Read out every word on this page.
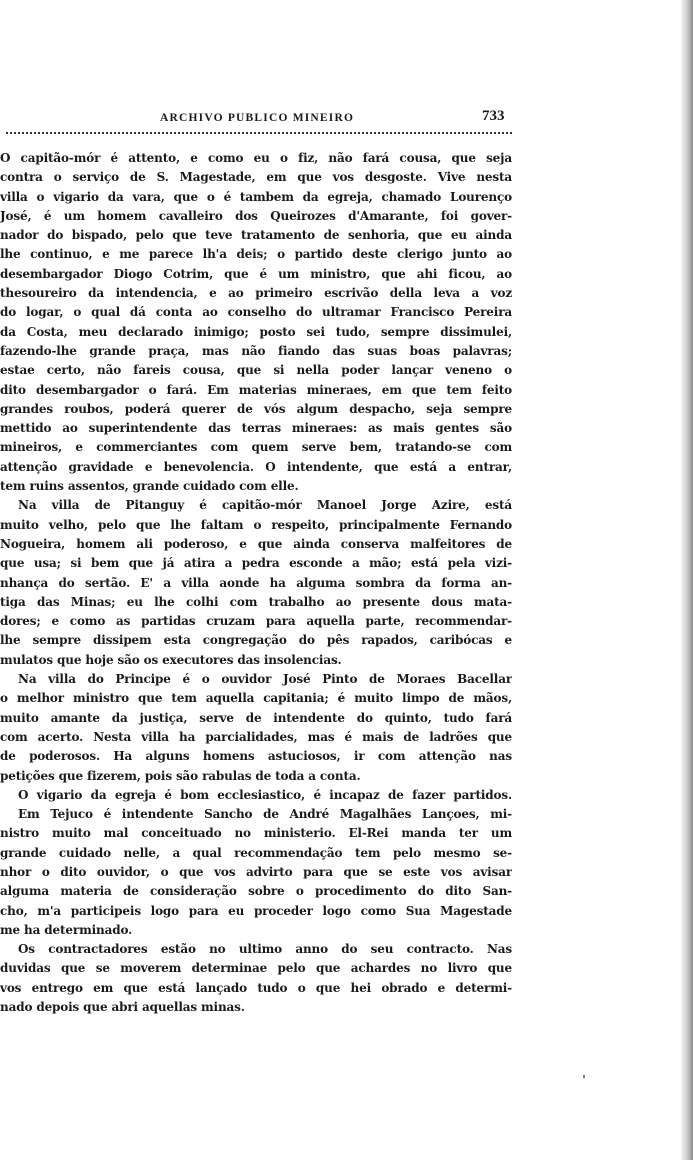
ARCHIVO PUBLICO MINEIRO	733
O capitão-mór é attento, e como eu o fiz, não fará cousa, que seja
contra o serviço de S. Magestade, em que vos desgoste. Vive nesta
villa o vigario da vara, que o é tambem da egreja, chamado Lourenço
José, é um homem cavalleiro dos Queirozes d'Amarante, foi gover-
nador do bispado, pelo que teve tratamento de senhoria, que eu ainda
lhe continuo, e me parece lh'a deis; o partido deste clerigo junto ao
desembargador Diogo Cotrim, que é um ministro, que ahi ficou, ao
thesoureiro da intendencia, e ao primeiro escrivão della leva a voz
do logar, o qual dá conta ao conselho do ultramar Francisco Pereira
da Costa, meu declarado inimigo; posto sei tudo, sempre dissimulei,
fazendo-lhe grande praça, mas não fiando das suas boas palavras;
estae certo, não fareis cousa, que si nella poder lançar veneno o
dito desembargador o fará. Em materias mineraes, em que tem feito
grandes roubos, poderá querer de vós algum despacho, seja sempre
mettido ao superintendente das terras mineraes: as mais gentes são
mineiros, e commerciantes com quem serve bem, tratando-se com
attenção gravidade e benevolencia. O intendente, que está a entrar,
tem ruins assentos, grande cuidado com elle.
Na villa de Pitanguy é capitão-mór Manoel Jorge Azire, está
muito velho, pelo que lhe faltam o respeito, principalmente Fernando
Nogueira, homem ali poderoso, e que ainda conserva malfeitores de
que usa; si bem que já atira a pedra esconde a mão; está pela vizi-
nhança do sertão. E' a villa aonde ha alguma sombra da forma an-
tiga das Minas; eu lhe colhi com trabalho ao presente dous mata-
dores; e como as partidas cruzam para aquella parte, recommendar-
lhe sempre dissipem esta congregação do pês rapados, caribócas e
mulatos que hoje são os executores das insolencias.
Na villa do Principe é o ouvidor José Pinto de Moraes Bacellar
o melhor ministro que tem aquella capitania; é muito limpo de mãos,
muito amante da justiça, serve de intendente do quinto, tudo fará
com acerto. Nesta villa ha parcialidades, mas é mais de ladrões que
de poderosos. Ha alguns homens astuciosos, ir com attenção nas
petições que fizerem, pois são rabulas de toda a conta.
O vigario da egreja é bom ecclesiastico, é incapaz de fazer partidos.
Em Tejuco é intendente Sancho de André Magalhães Lançoes, mi-
nistro muito mal conceituado no ministerio. El-Rei manda ter um
grande cuidado nelle, a qual recommendação tem pelo mesmo se-
nhor o dito ouvidor, o que vos advirto para que se este vos avisar
alguma materia de consideração sobre o procedimento do dito San-
cho, m'a participeis logo para eu proceder logo como Sua Magestade
me ha determinado.
Os contractadores estão no ultimo anno do seu contracto. Nas
duvidas que se moverem determinae pelo que achardes no livro que
vos entrego em que está lançado tudo o que hei obrado e determi-
nado depois que abri aquellas minas.
